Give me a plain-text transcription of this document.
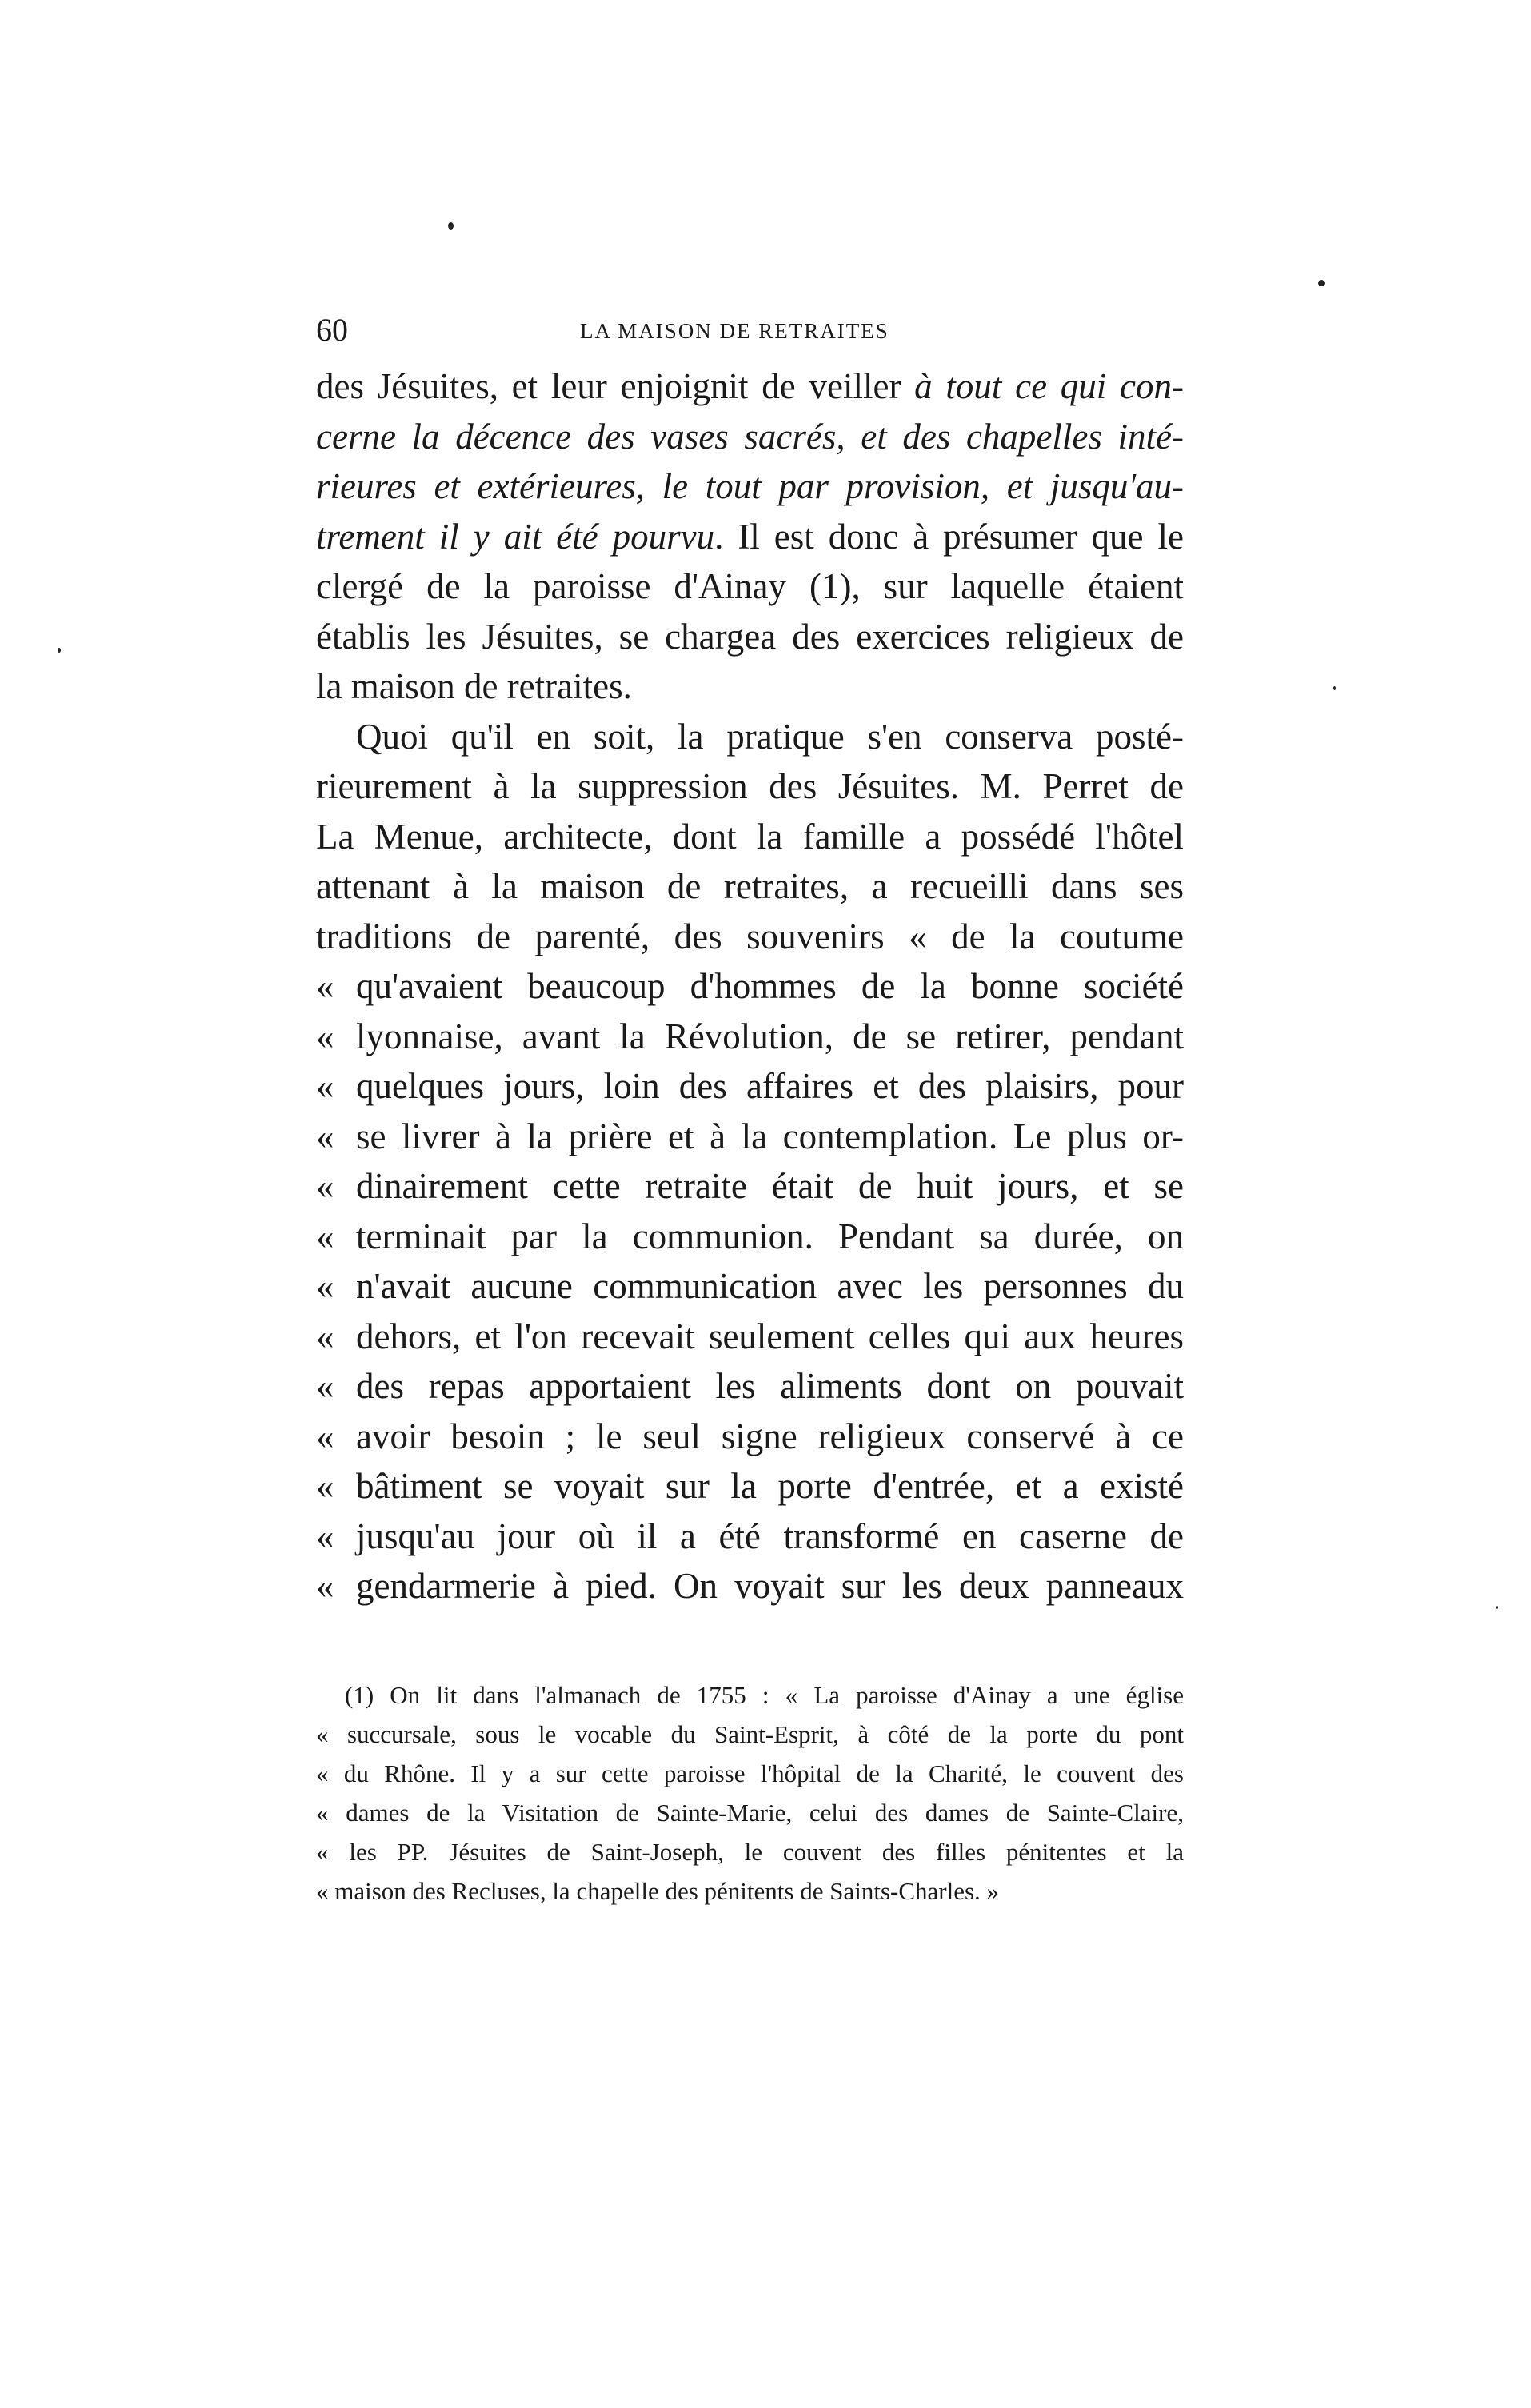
60	LA MAISON DE RETRAITES
des Jésuites, et leur enjoignit de veiller à tout ce qui con-
cerne la décence des vases sacrés, et des chapelles inté-
rieures et extérieures, le tout par provision, et jusqu'au-
trement il y ait été pourvu. Il est donc à présumer que le
clergé de la paroisse d'Ainay (1), sur laquelle étaient
établis les Jésuites, se chargea des exercices religieux de
la maison de retraites.
Quoi qu'il en soit, la pratique s'en conserva posté-
rieurement à la suppression des Jésuites. M. Perret de
La Menue, architecte, dont la famille a possédé l'hôtel
attenant à la maison de retraites, a recueilli dans ses
traditions de parenté, des souvenirs « de la coutume
« qu'avaient beaucoup d'hommes de la bonne société
« lyonnaise, avant la Révolution, de se retirer, pendant
« quelques jours, loin des affaires et des plaisirs, pour
« se livrer à la prière et à la contemplation. Le plus or-
« dinairement cette retraite était de huit jours, et se
« terminait par la communion. Pendant sa durée, on
« n'avait aucune communication avec les personnes du
« dehors, et l'on recevait seulement celles qui aux heures
« des repas apportaient les aliments dont on pouvait
« avoir besoin ; le seul signe religieux conservé à ce
« bâtiment se voyait sur la porte d'entrée, et a existé
« jusqu'au jour où il a été transformé en caserne de
« gendarmerie à pied. On voyait sur les deux panneaux
(1) On lit dans l'almanach de 1755 : « La paroisse d'Ainay a une église
« succursale, sous le vocable du Saint-Esprit, à côté de la porte du pont
« du Rhône. Il y a sur cette paroisse l'hôpital de la Charité, le couvent des
« dames de la Visitation de Sainte-Marie, celui des dames de Sainte-Claire,
« les PP. Jésuites de Saint-Joseph, le couvent des filles pénitentes et la
« maison des Recluses, la chapelle des pénitents de Saints-Charles. »
